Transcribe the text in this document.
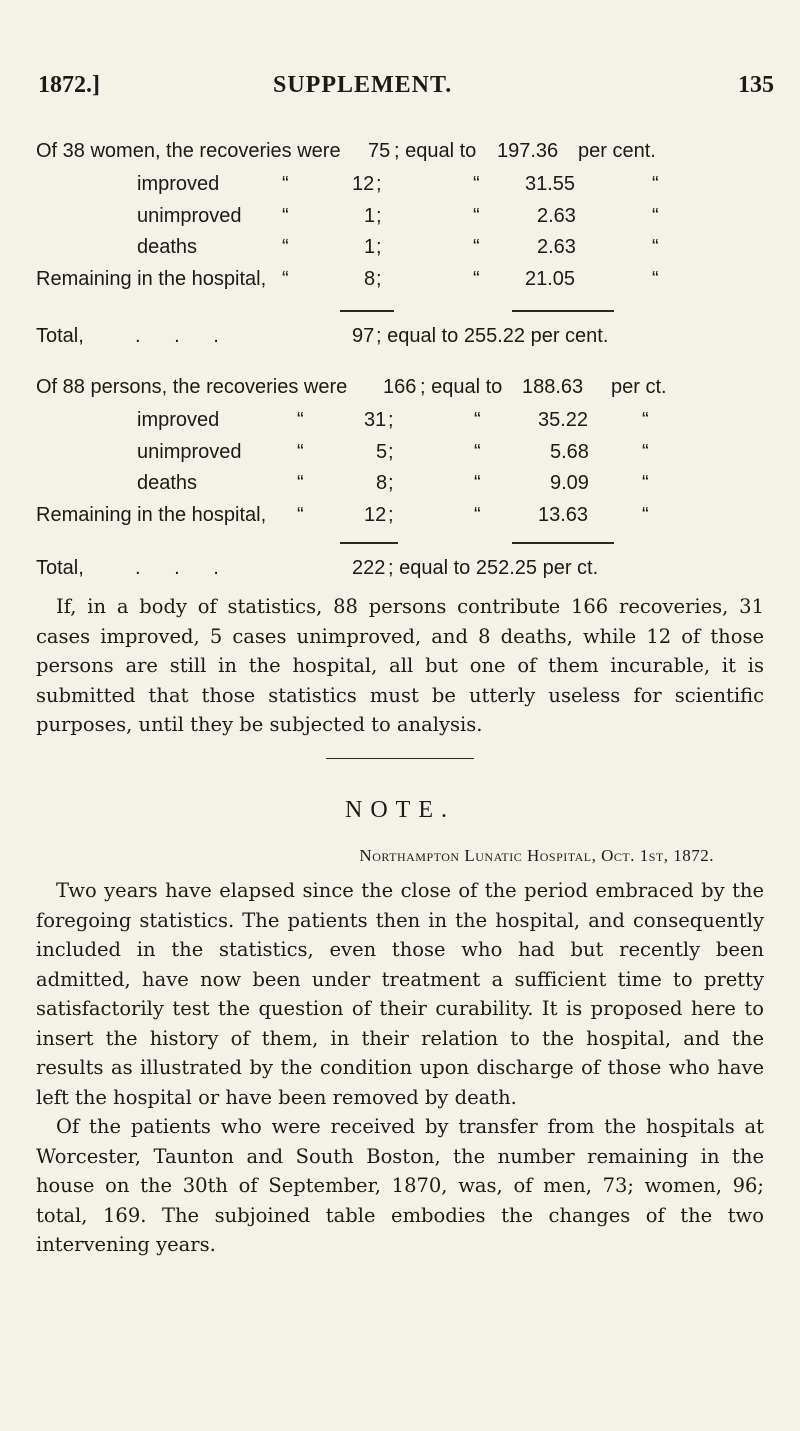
1872.]	SUPPLEMENT.	135
Of 38 women, the recoveries were 75 ; equal to 197.36 per cent.
improved	“	12 ;	“ 31.55	“
unimproved “	1 ;	“	2.63	“
deaths	“	1 ;	“	2.63	“
Remaining in the hospital, “	8 ;	“ 21.05	“
Total,	. . .	97 ; equal to 255.22 per cent.
Of 88 persons, the recoveries were 166 ; equal to 188.63 per ct.
improved	“	31 ;	“	35.22	“
unimproved	“	5 ;	“	5.68	“
deaths	“	8 ;	“	9.09	“
Remaining in the hospital, “	12 ;	“	13.63	“
Total,	. . .	222 ; equal to 252.25 per ct.

If, in a body of statistics, 88 persons contribute 166 recoveries, 31 cases improved, 5 cases unimproved, and 8 deaths, while 12 of those persons are still in the hospital, all but one of them incurable, it is submitted that those statistics must be utterly useless for scientific purposes, until they be subjected to analysis.

NOTE.
Northampton Lunatic Hospital, Oct. 1st, 1872.

Two years have elapsed since the close of the period embraced by the foregoing statistics. The patients then in the hospital, and consequently included in the statistics, even those who had but recently been admitted, have now been under treatment a sufficient time to pretty satisfactorily test the question of their curability. It is proposed here to insert the history of them, in their relation to the hospital, and the results as illustrated by the condition upon discharge of those who have left the hospital or have been removed by death.

Of the patients who were received by transfer from the hospitals at Worcester, Taunton and South Boston, the number remaining in the house on the 30th of September, 1870, was, of men, 73; women, 96; total, 169. The subjoined table embodies the changes of the two intervening years.
